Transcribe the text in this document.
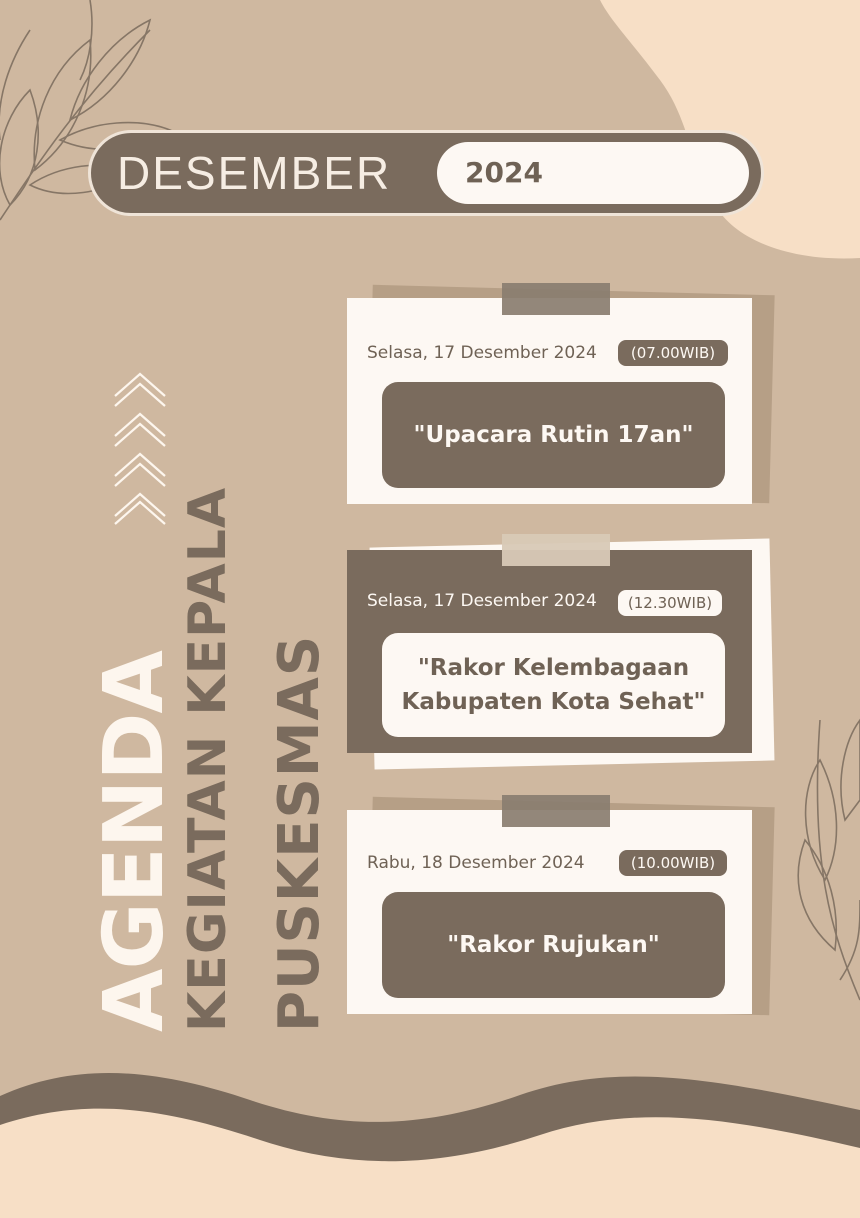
DESEMBER	2024
AGENDA
KEGIATAN KEPALA PUSKESMAS
Selasa, 17 Desember 2024	(07.00WIB)
"Upacara Rutin 17an"
Selasa, 17 Desember 2024	(12.30WIB)
"Rakor Kelembagaan
Kabupaten Kota Sehat"
Rabu, 18 Desember 2024	(10.00WIB)
"Rakor Rujukan"
